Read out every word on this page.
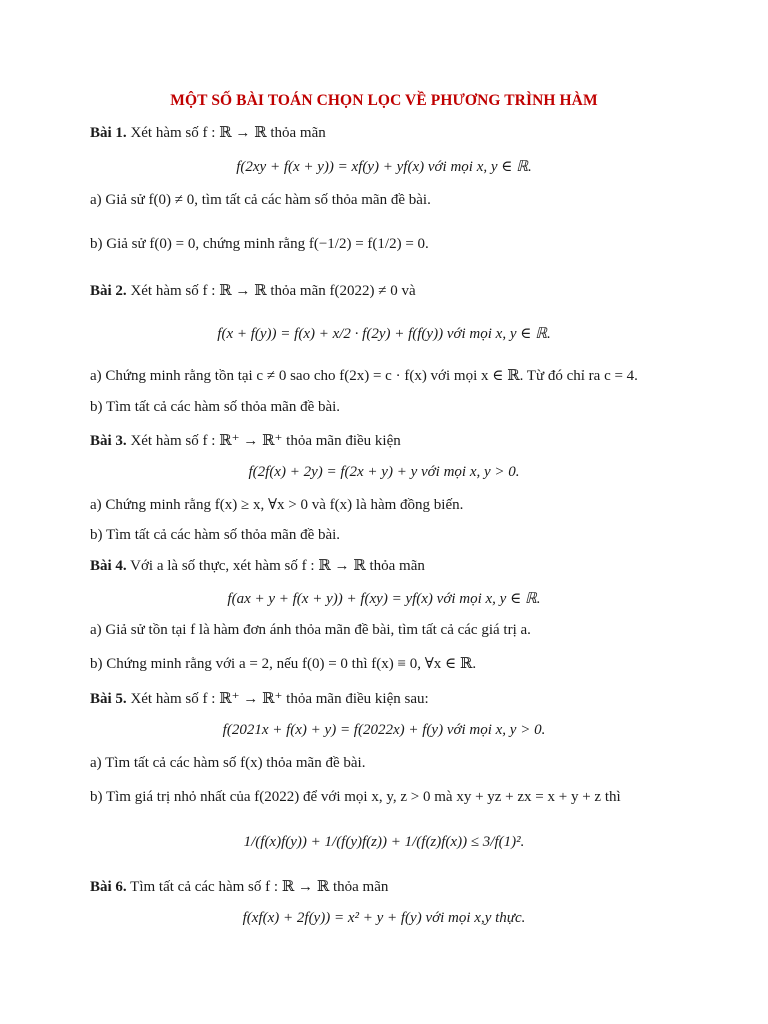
MỘT SỐ BÀI TOÁN CHỌN LỌC VỀ PHƯƠNG TRÌNH HÀM
Bài 1. Xét hàm số f : ℝ → ℝ thỏa mãn
f(2xy + f(x + y)) = xf(y) + yf(x) với mọi x, y ∈ ℝ.
a) Giả sử f(0) ≠ 0, tìm tất cả các hàm số thỏa mãn đề bài.
b) Giả sử f(0) = 0, chứng minh rằng f(−1/2) = f(1/2) = 0.
Bài 2. Xét hàm số f : ℝ → ℝ thỏa mãn f(2022) ≠ 0 và
f(x + f(y)) = f(x) + x/2 · f(2y) + f(f(y)) với mọi x, y ∈ ℝ.
a) Chứng minh rằng tồn tại c ≠ 0 sao cho f(2x) = c · f(x) với mọi x ∈ ℝ. Từ đó chỉ ra c = 4.
b) Tìm tất cả các hàm số thỏa mãn đề bài.
Bài 3. Xét hàm số f : ℝ⁺ → ℝ⁺ thỏa mãn điều kiện
f(2f(x) + 2y) = f(2x + y) + y với mọi x, y > 0.
a) Chứng minh rằng f(x) ≥ x, ∀x > 0 và f(x) là hàm đồng biến.
b) Tìm tất cả các hàm số thỏa mãn đề bài.
Bài 4. Với a là số thực, xét hàm số f : ℝ → ℝ thỏa mãn
f(ax + y + f(x + y)) + f(xy) = yf(x) với mọi x, y ∈ ℝ.
a) Giả sử tồn tại f là hàm đơn ánh thỏa mãn đề bài, tìm tất cả các giá trị a.
b) Chứng minh rằng với a = 2, nếu f(0) = 0 thì f(x) ≡ 0, ∀x ∈ ℝ.
Bài 5. Xét hàm số f : ℝ⁺ → ℝ⁺ thỏa mãn điều kiện sau:
f(2021x + f(x) + y) = f(2022x) + f(y) với mọi x, y > 0.
a) Tìm tất cả các hàm số f(x) thỏa mãn đề bài.
b) Tìm giá trị nhỏ nhất của f(2022) để với mọi x, y, z > 0 mà xy + yz + zx = x + y + z thì
1/(f(x)f(y)) + 1/(f(y)f(z)) + 1/(f(z)f(x)) ≤ 3/f(1)².
Bài 6. Tìm tất cả các hàm số f : ℝ → ℝ thỏa mãn
f(xf(x) + 2f(y)) = x² + y + f(y) với mọi x,y thực.
